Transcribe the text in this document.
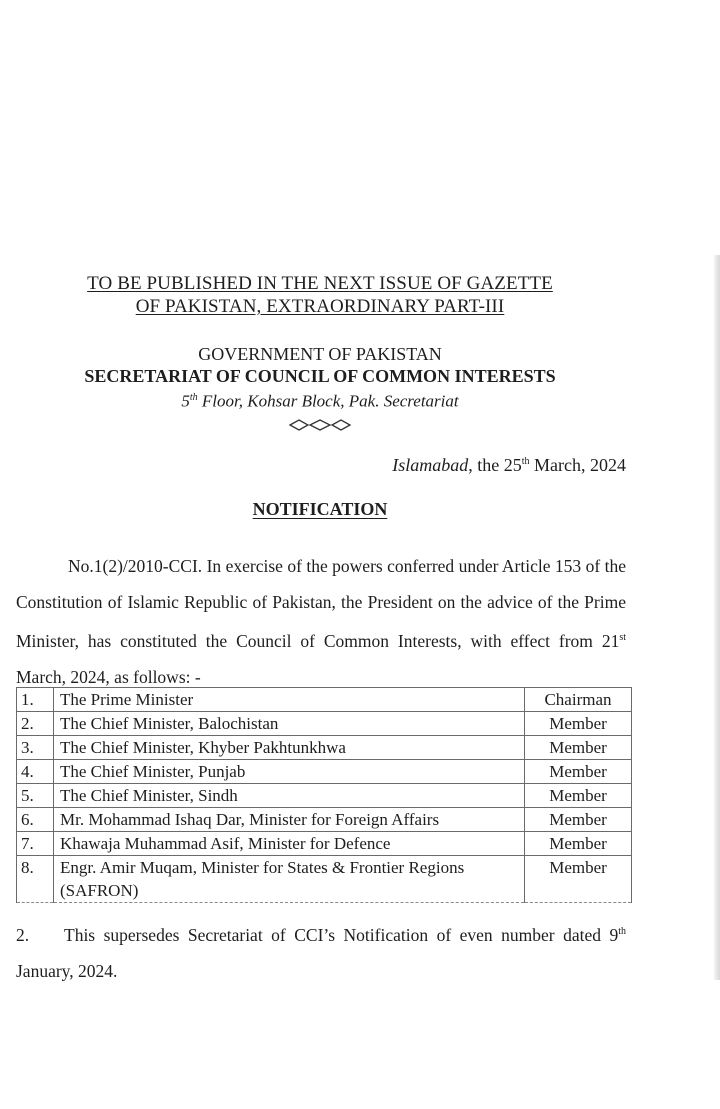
TO BE PUBLISHED IN THE NEXT ISSUE OF GAZETTE
OF PAKISTAN, EXTRAORDINARY PART-III
GOVERNMENT OF PAKISTAN
SECRETARIAT OF COUNCIL OF COMMON INTERESTS
5th Floor, Kohsar Block, Pak. Secretariat
Islamabad, the 25th March, 2024
NOTIFICATION
No.1(2)/2010-CCI. In exercise of the powers conferred under Article 153 of the Constitution of Islamic Republic of Pakistan, the President on the advice of the Prime Minister, has constituted the Council of Common Interests, with effect from 21st March, 2024, as follows: -
1.	The Prime Minister	Chairman
2.	The Chief Minister, Balochistan	Member
3.	The Chief Minister, Khyber Pakhtunkhwa	Member
4.	The Chief Minister, Punjab	Member
5.	The Chief Minister, Sindh	Member
6.	Mr. Mohammad Ishaq Dar, Minister for Foreign Affairs	Member
7.	Khawaja Muhammad Asif, Minister for Defence	Member
8.	Engr. Amir Muqam, Minister for States & Frontier Regions (SAFRON)	Member
2. This supersedes Secretariat of CCI’s Notification of even number dated 9th January, 2024.
